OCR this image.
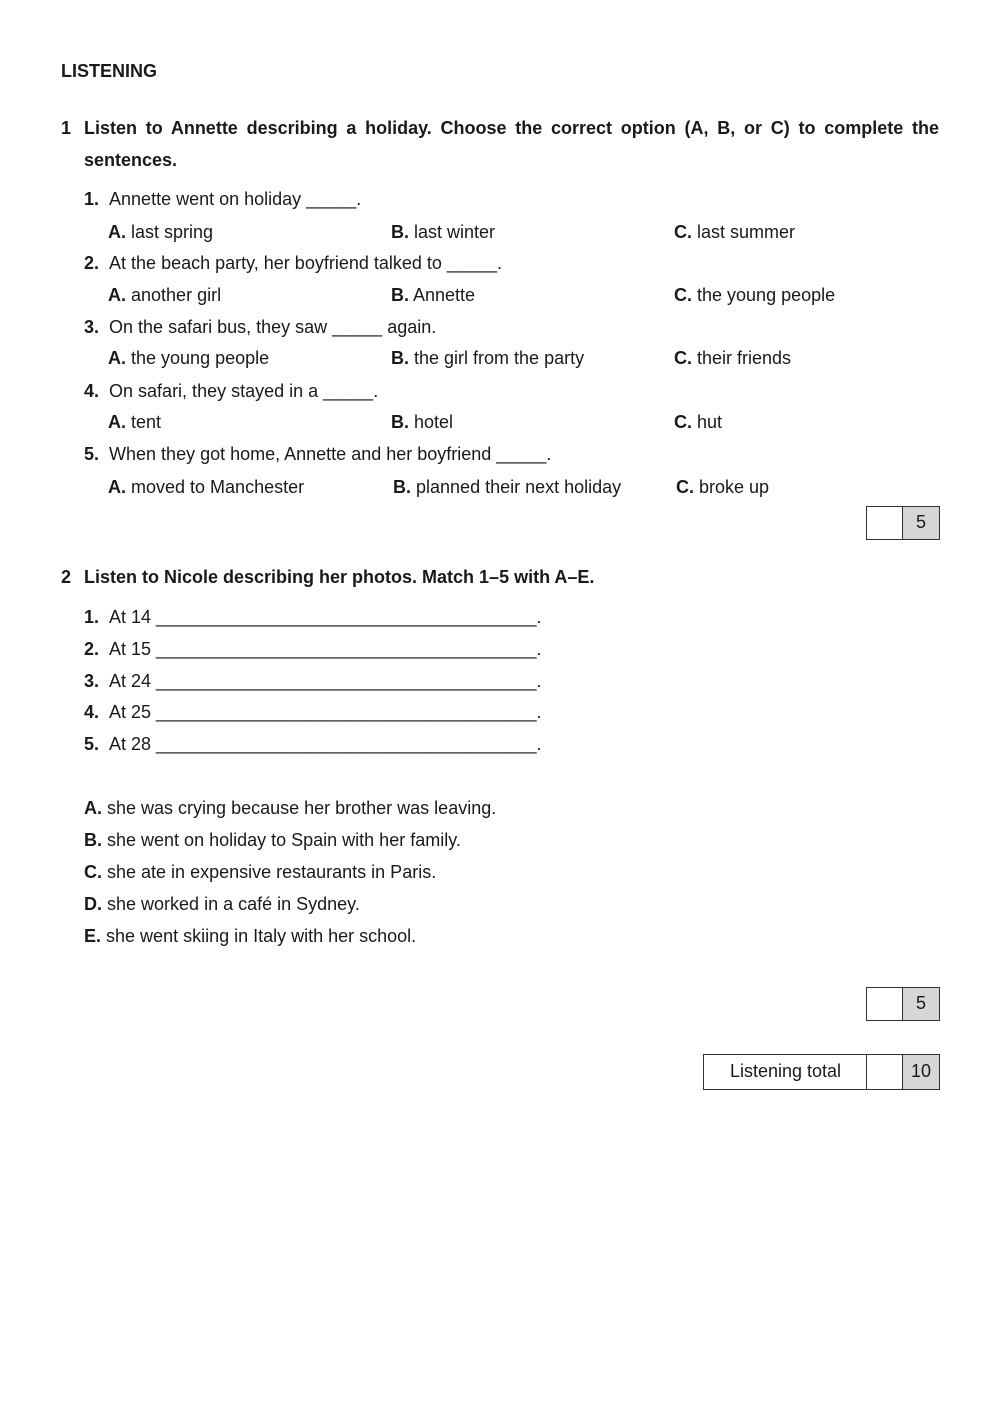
LISTENING
1 Listen to Annette describing a holiday. Choose the correct option (A, B, or C) to complete the
sentences.
1. Annette went on holiday _____.
A. last spring	B. last winter	C. last summer
2. At the beach party, her boyfriend talked to _____.
A. another girl	B. Annette	C. the young people
3. On the safari bus, they saw _____ again.
A. the young people	B. the girl from the party	C. their friends
4. On safari, they stayed in a _____.
A. tent	B. hotel	C. hut
5. When they got home, Annette and her boyfriend _____.
A. moved to Manchester	B. planned their next holiday	C. broke up
5
2 Listen to Nicole describing her photos. Match 1–5 with A–E.
1. At 14 ______________________________________.
2. At 15 ______________________________________.
3. At 24 ______________________________________.
4. At 25 ______________________________________.
5. At 28 ______________________________________.
A. she was crying because her brother was leaving.
B. she went on holiday to Spain with her family.
C. she ate in expensive restaurants in Paris.
D. she worked in a café in Sydney.
E. she went skiing in Italy with her school.
5
Listening total	10
